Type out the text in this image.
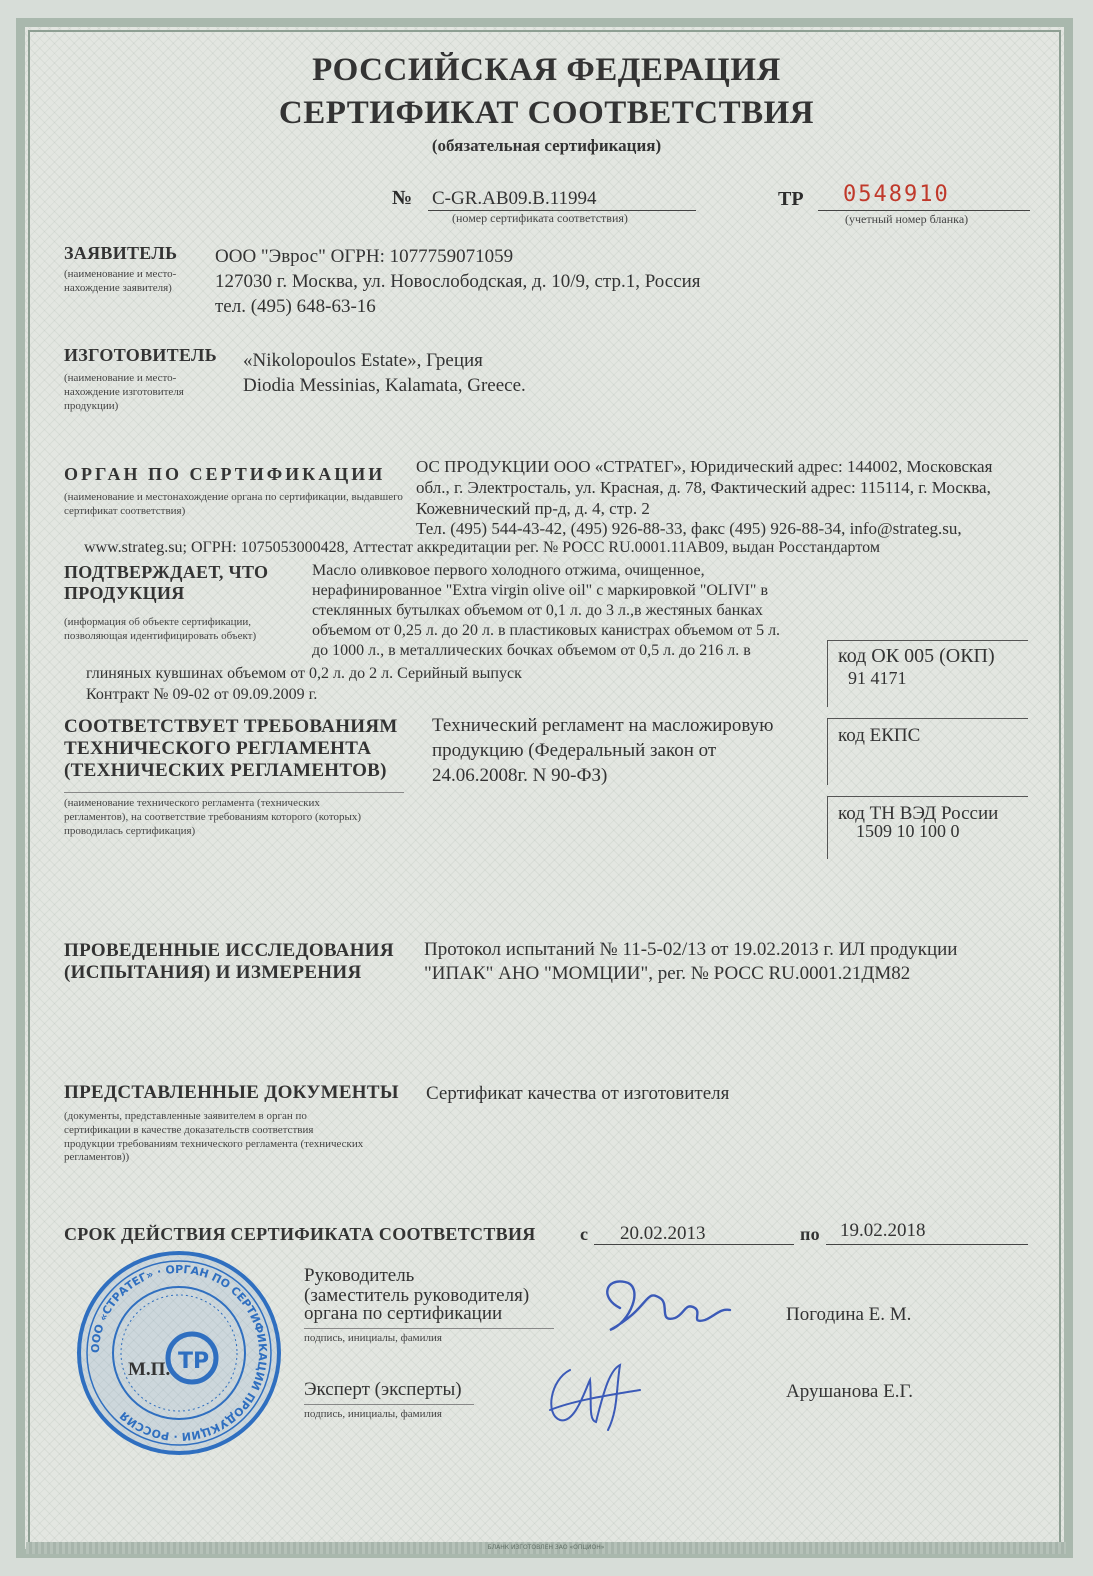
РОССИЙСКАЯ ФЕДЕРАЦИЯ
СЕРТИФИКАТ СООТВЕТСТВИЯ
(обязательная сертификация)
№ C-GR.АВ09.В.11994
(номер сертификата соответствия)
ТР 0548910
(учетный номер бланка)
ЗАЯВИТЕЛЬ
(наименование и место-нахождение заявителя)
ООО "Эврос" ОГРН: 1077759071059
127030 г. Москва, ул. Новослободская, д. 10/9, стр.1, Россия
тел. (495) 648-63-16
ИЗГОТОВИТЕЛЬ
(наименование и место-нахождение изготовителя продукции)
«Nikolopoulos Estate», Греция
Diodia Messinias, Kalamata, Greece.
ОРГАН ПО СЕРТИФИКАЦИИ
(наименование и местонахождение органа по сертификации, выдавшего сертификат соответствия)
ОС ПРОДУКЦИИ ООО «СТРАТЕГ», Юридический адрес: 144002, Московская
обл., г. Электросталь, ул. Красная, д. 78, Фактический адрес: 115114, г. Москва,
Кожевнический пр-д, д. 4, стр. 2
Тел. (495) 544-43-42, (495) 926-88-33, факс (495) 926-88-34, info@strateg.su,
www.strateg.su; ОГРН: 1075053000428, Аттестат аккредитации рег. № РОСС RU.0001.11АВ09, выдан Росстандартом
ПОДТВЕРЖДАЕТ, ЧТО
ПРОДУКЦИЯ
(информация об объекте сертификации, позволяющая идентифицировать объект)
Масло оливковое первого холодного отжима, очищенное,
нерафинированное "Extra virgin olive oil" с маркировкой "OLIVI" в
стеклянных бутылках объемом от 0,1 л. до 3 л.,в жестяных банках
объемом от 0,25 л. до 20 л. в пластиковых канистрах объемом от 5 л.
до 1000 л., в металлических бочках объемом от 0,5 л. до 216 л. в
глиняных кувшинах объемом от 0,2 л. до 2 л. Серийный выпуск
Контракт № 09-02 от 09.09.2009 г.
код ОК 005 (ОКП)
91 4171
код ЕКПС
код ТН ВЭД России
1509 10 100 0
СООТВЕТСТВУЕТ ТРЕБОВАНИЯМ
ТЕХНИЧЕСКОГО РЕГЛАМЕНТА
(ТЕХНИЧЕСКИХ РЕГЛАМЕНТОВ)
(наименование технического регламента (технических регламентов), на соответствие требованиям которого (которых) проводилась сертификация)
Технический регламент на масложировую
продукцию (Федеральный закон от
24.06.2008г. N 90-ФЗ)
ПРОВЕДЕННЫЕ ИССЛЕДОВАНИЯ
(ИСПЫТАНИЯ) И ИЗМЕРЕНИЯ
Протокол испытаний № 11-5-02/13 от 19.02.2013 г. ИЛ продукции
"ИПАК" АНО "МОМЦИИ", рег. № РОСС RU.0001.21ДМ82
ПРЕДСТАВЛЕННЫЕ ДОКУМЕНТЫ
(документы, представленные заявителем в орган по сертификации в качестве доказательств соответствия продукции требованиям технического регламента (технических регламентов))
Сертификат качества от изготовителя
СРОК ДЕЙСТВИЯ СЕРТИФИКАТА СООТВЕТСТВИЯ с 20.02.2013	по 19.02.2018
Руководитель
(заместитель руководителя)
органа по сертификации
подпись, инициалы, фамилия
Погодина Е. М.
Эксперт (эксперты)
подпись, инициалы, фамилия
Арушанова Е.Г.
ООО «СТРАТЕГ» · ОРГАН ПО СЕРТИФИКАЦИИ ПРОДУКЦИИ · РОССИЯ
ТР
М.П.
БЛАНК ИЗГОТОВЛЕН ЗАО «ОПЦИОН»
